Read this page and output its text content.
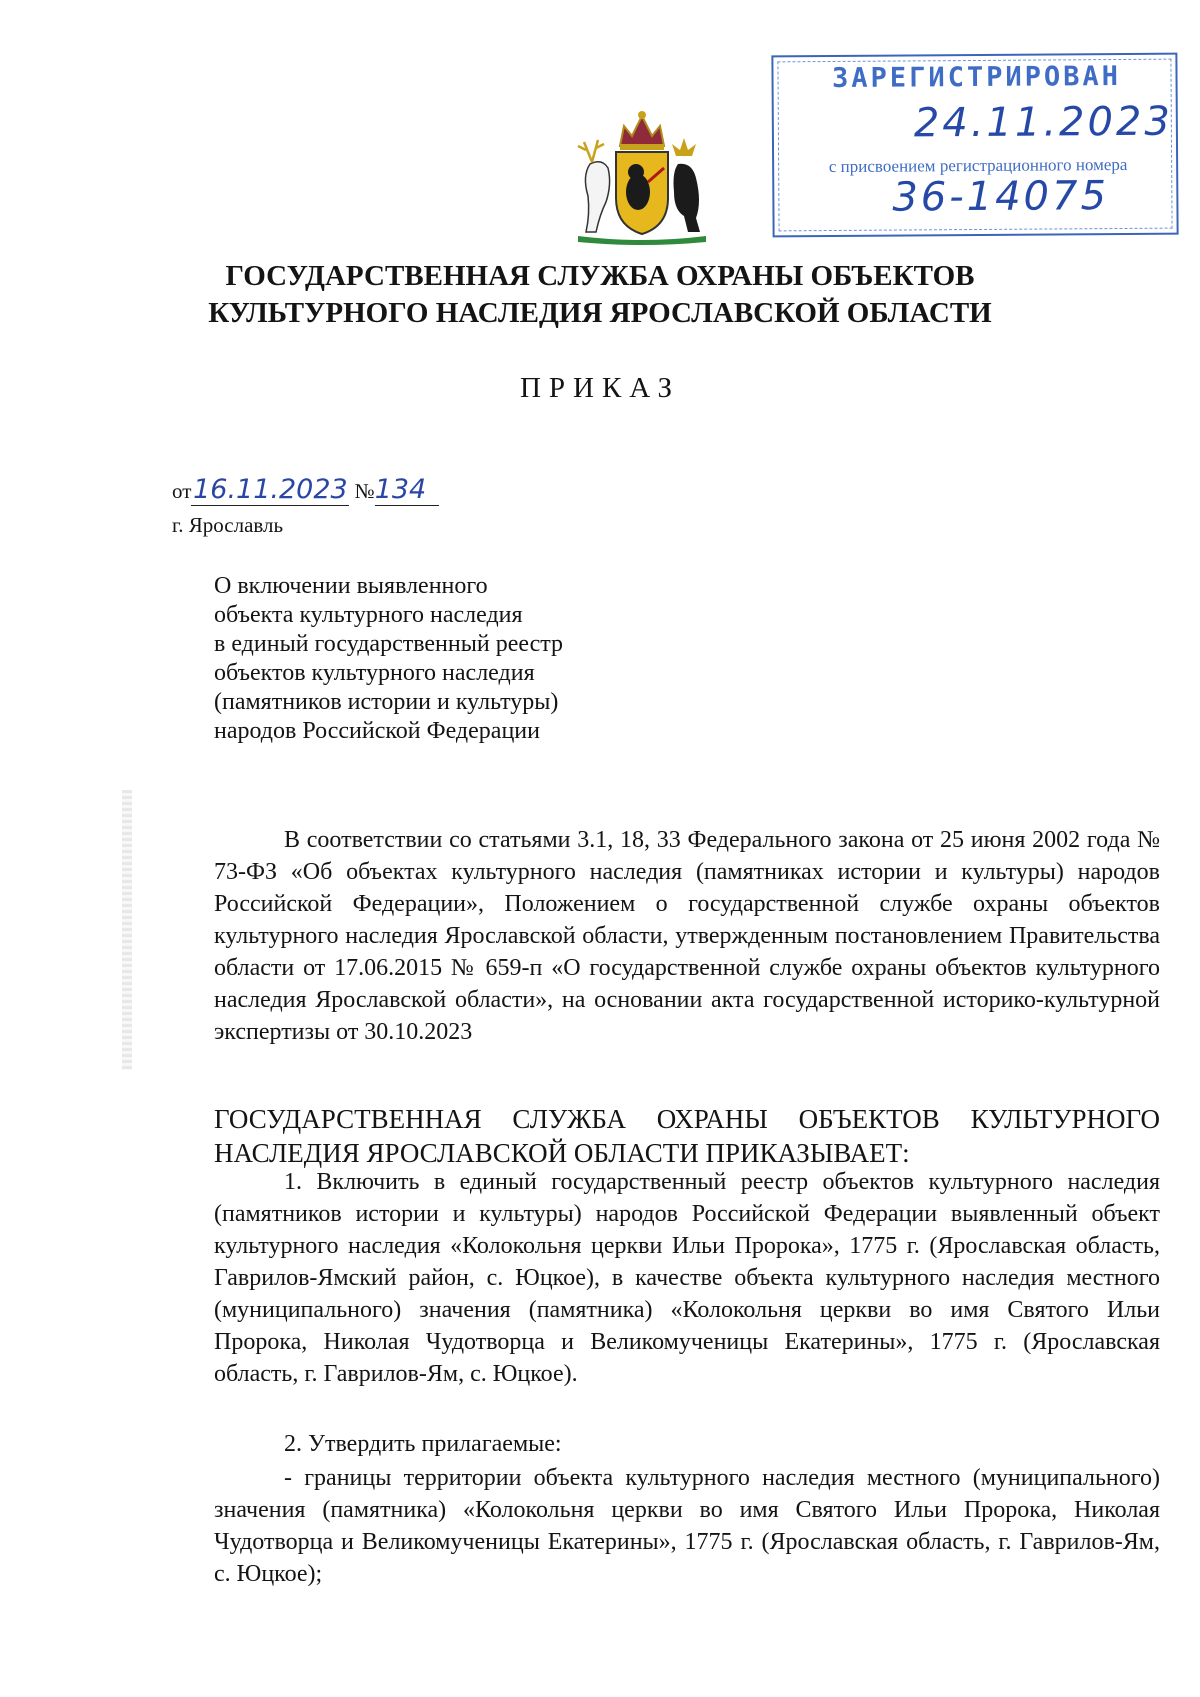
ЗАРЕГИСТРИРОВАН
24.11.2023
с присвоением регистрационного номера
36-14075
ГОСУДАРСТВЕННАЯ СЛУЖБА ОХРАНЫ ОБЪЕКТОВ
КУЛЬТУРНОГО НАСЛЕДИЯ ЯРОСЛАВСКОЙ ОБЛАСТИ
ПРИКАЗ
от16.11.2023 №134
г. Ярославль
О включении выявленного
объекта культурного наследия
в единый государственный реестр
объектов культурного наследия
(памятников истории и культуры)
народов Российской Федерации
В соответствии со статьями 3.1, 18, 33 Федерального закона от 25 июня 2002 года № 73-ФЗ «Об объектах культурного наследия (памятниках истории и культуры) народов Российской Федерации», Положением о государственной службе охраны объектов культурного наследия Ярославской области, утвержденным постановлением Правительства области от 17.06.2015 № 659-п «О государственной службе охраны объектов культурного наследия Ярославской области», на основании акта государственной историко-культурной экспертизы от 30.10.2023
ГОСУДАРСТВЕННАЯ СЛУЖБА ОХРАНЫ ОБЪЕКТОВ КУЛЬТУРНОГО НАСЛЕДИЯ ЯРОСЛАВСКОЙ ОБЛАСТИ ПРИКАЗЫВАЕТ:
1. Включить в единый государственный реестр объектов культурного наследия (памятников истории и культуры) народов Российской Федерации выявленный объект культурного наследия «Колокольня церкви Ильи Пророка», 1775 г. (Ярославская область, Гаврилов-Ямский район, с. Юцкое), в качестве объекта культурного наследия местного (муниципального) значения (памятника) «Колокольня церкви во имя Святого Ильи Пророка, Николая Чудотворца и Великомученицы Екатерины», 1775 г. (Ярославская область, г. Гаврилов-Ям, с. Юцкое).
2. Утвердить прилагаемые:
- границы территории объекта культурного наследия местного (муниципального) значения (памятника) «Колокольня церкви во имя Святого Ильи Пророка, Николая Чудотворца и Великомученицы Екатерины», 1775 г. (Ярославская область, г. Гаврилов-Ям, с. Юцкое);
